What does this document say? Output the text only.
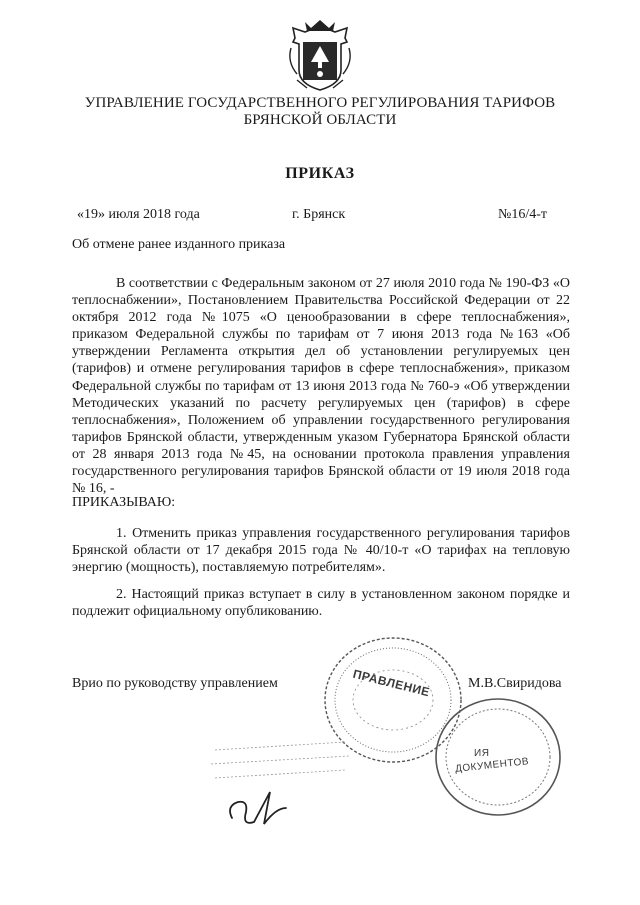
УПРАВЛЕНИЕ ГОСУДАРСТВЕННОГО РЕГУЛИРОВАНИЯ ТАРИФОВ
БРЯНСКОЙ ОБЛАСТИ
ПРИКАЗ
«19» июля 2018 года	г. Брянск	№16/4-т
Об отмене ранее изданного приказа
В соответствии с Федеральным законом от 27 июля 2010 года № 190-ФЗ «О теплоснабжении», Постановлением Правительства Российской Федерации от 22 октября 2012 года №1075 «О ценообразовании в сфере теплоснабжения», приказом Федеральной службы по тарифам от 7 июня 2013 года №163 «Об утверждении Регламента открытия дел об установлении регулируемых цен (тарифов) и отмене регулирования тарифов в сфере теплоснабжения», приказом Федеральной службы по тарифам от 13 июня 2013 года № 760-э «Об утверждении Методических указаний по расчету регулируемых цен (тарифов) в сфере теплоснабжения», Положением об управлении государственного регулирования тарифов Брянской области, утвержденным указом Губернатора Брянской области от 28 января 2013 года №45, на основании протокола правления управления государственного регулирования тарифов Брянской области от 19 июля 2018 года № 16, -
ПРИКАЗЫВАЮ:
1. Отменить приказ управления государственного регулирования тарифов Брянской области от 17 декабря 2015 года № 40/10-т «О тарифах на тепловую энергию (мощность), поставляемую потребителям».
2. Настоящий приказ вступает в силу в установленном законом порядке и подлежит официальному опубликованию.
ПРАВЛЕНИЕ
ИЯ
ДОКУМЕНТОВ
Врио по руководству управлением	М.В.Свиридова
